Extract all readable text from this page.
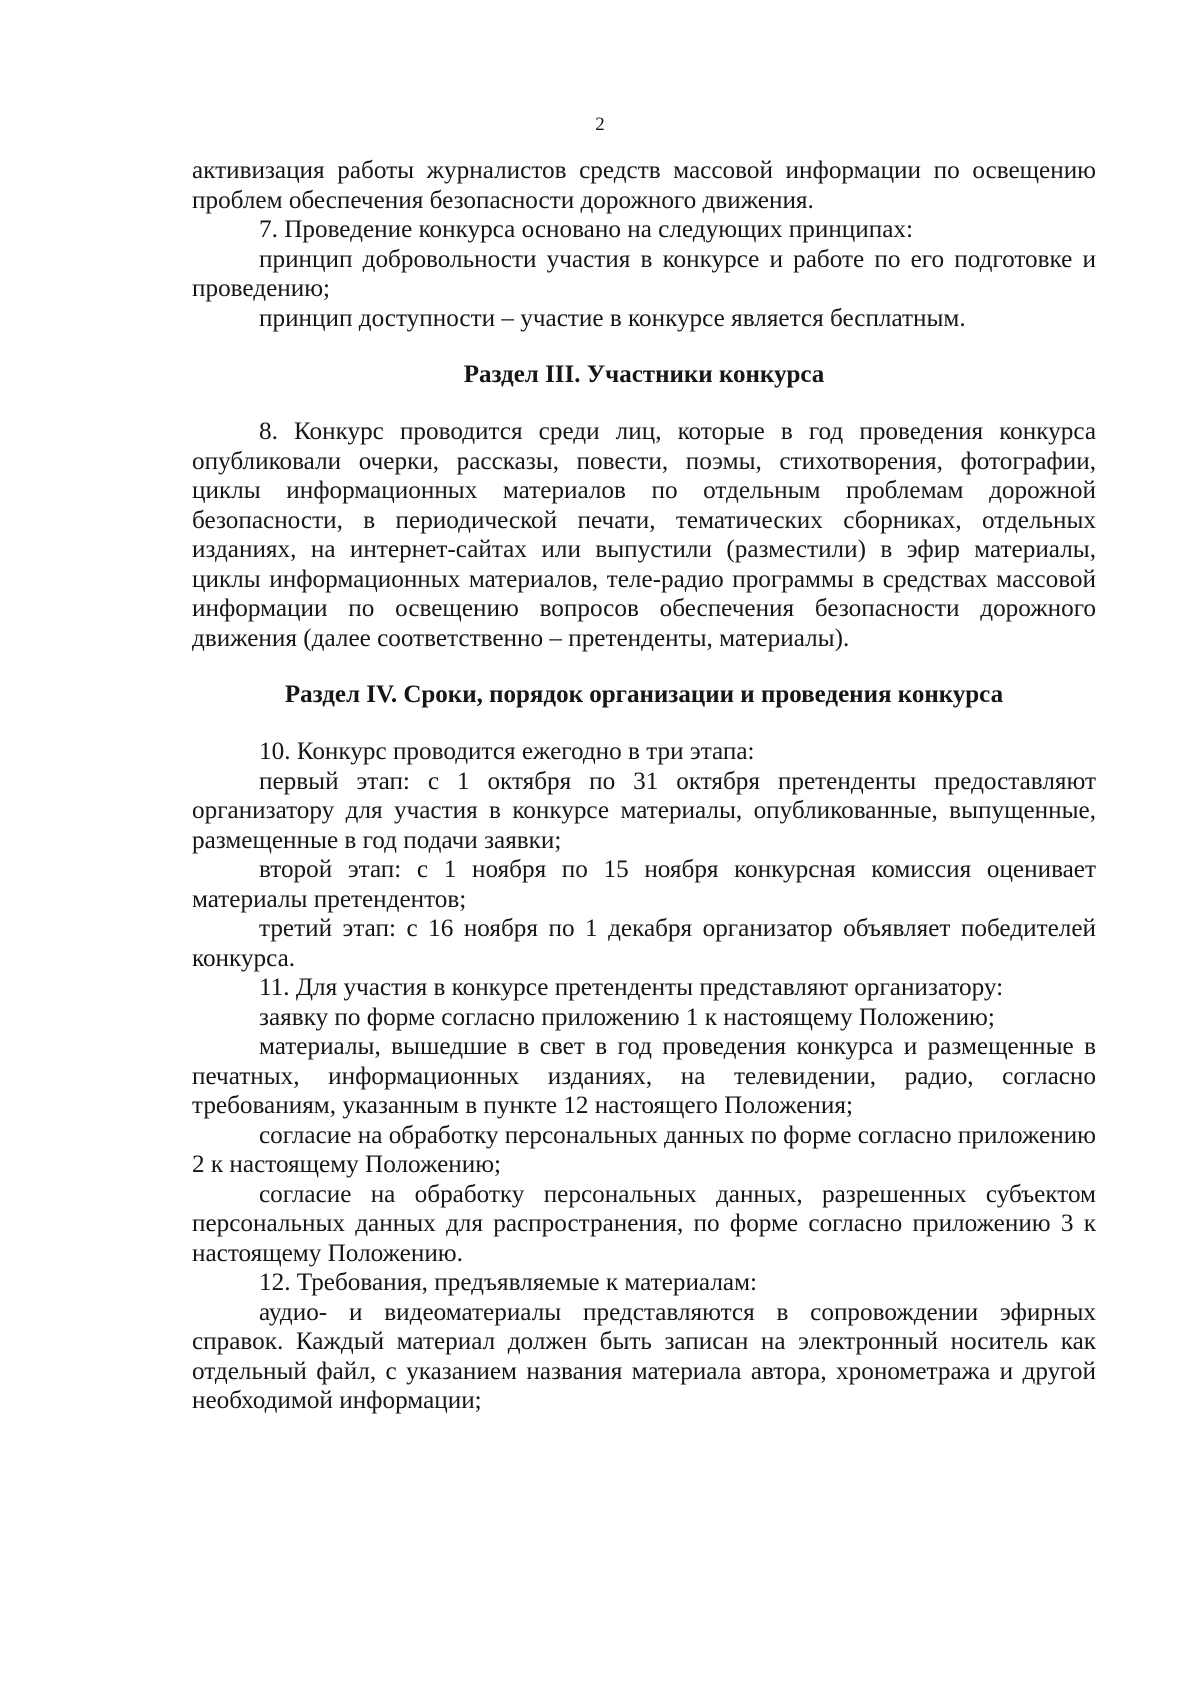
2

активизация работы журналистов средств массовой информации по освещению проблем обеспечения безопасности дорожного движения.

7. Проведение конкурса основано на следующих принципах:

принцип добровольности участия в конкурсе и работе по его подготовке и проведению;

принцип доступности – участие в конкурсе является бесплатным.

Раздел III. Участники конкурса

8. Конкурс проводится среди лиц, которые в год проведения конкурса опубликовали очерки, рассказы, повести, поэмы, стихотворения, фотографии, циклы информационных материалов по отдельным проблемам дорожной безопасности, в периодической печати, тематических сборниках, отдельных изданиях, на интернет-сайтах или выпустили (разместили) в эфир материалы, циклы информационных материалов, теле-радио программы в средствах массовой информации по освещению вопросов обеспечения безопасности дорожного движения (далее соответственно – претенденты, материалы).

Раздел IV. Сроки, порядок организации и проведения конкурса

10. Конкурс проводится ежегодно в три этапа:

первый этап: с 1 октября по 31 октября претенденты предоставляют организатору для участия в конкурсе материалы, опубликованные, выпущенные, размещенные в год подачи заявки;

второй этап: с 1 ноября по 15 ноября конкурсная комиссия оценивает материалы претендентов;

третий этап: с 16 ноября по 1 декабря организатор объявляет победителей конкурса.

11. Для участия в конкурсе претенденты представляют организатору:

заявку по форме согласно приложению 1 к настоящему Положению;

материалы, вышедшие в свет в год проведения конкурса и размещенные в печатных, информационных изданиях, на телевидении, радио, согласно требованиям, указанным в пункте 12 настоящего Положения;

согласие на обработку персональных данных по форме согласно приложению 2 к настоящему Положению;

согласие на обработку персональных данных, разрешенных субъектом персональных данных для распространения, по форме согласно приложению 3 к настоящему Положению.

12. Требования, предъявляемые к материалам:

аудио- и видеоматериалы представляются в сопровождении эфирных справок. Каждый материал должен быть записан на электронный носитель как отдельный файл, с указанием названия материала автора, хронометража и другой необходимой информации;
